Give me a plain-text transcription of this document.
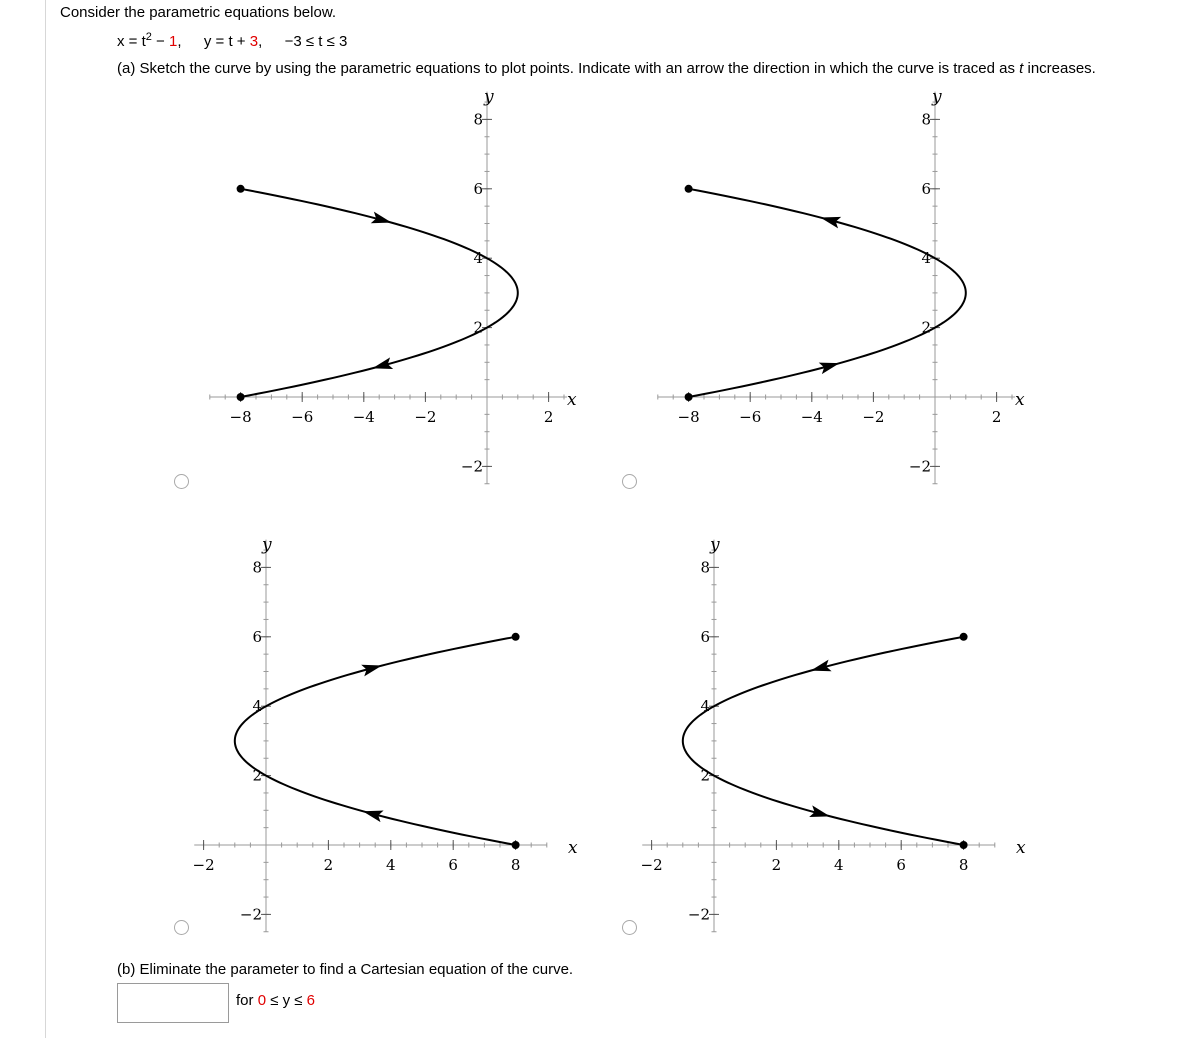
Consider the parametric equations below.
$x = t^2 - 1$, y = t + 3, −3 ≤ t ≤ 3
(a) Sketch the curve by using the parametric equations to plot points. Indicate with an arrow the direction in which the curve is traced as t increases.
−8	−6	−4	−2	2
8
6
4
2
−2
x
y
−8	−6	−4	−2	2
8
6
4
2
−2
x
y
−2	2	4	6	8
8
6
4
2
−2
x
y
−2	2	4	6	8
8
6
4
2
−2
x
y
(b) Eliminate the parameter to find a Cartesian equation of the curve.
for 0 ≤ y ≤ 6
